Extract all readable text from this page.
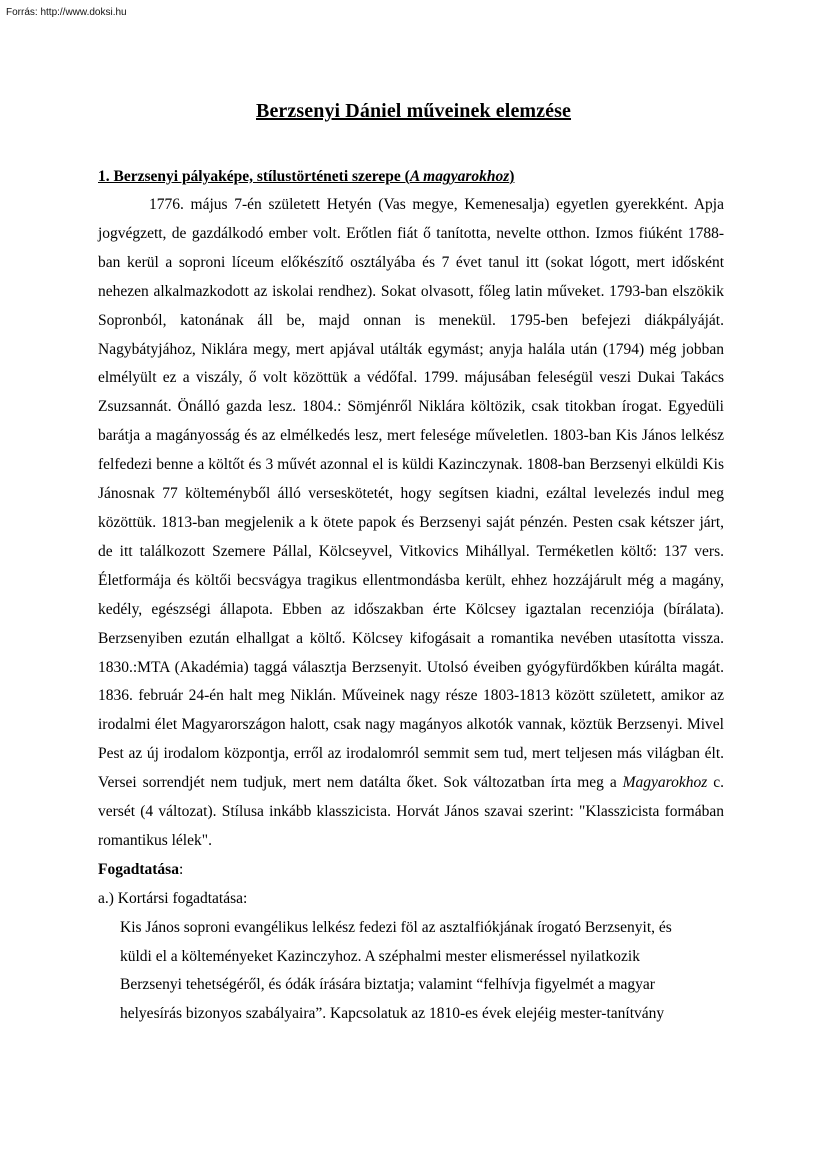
Forrás: http://www.doksi.hu
Berzsenyi Dániel műveinek elemzése

1. Berzsenyi pályaképe, stílustörténeti szerepe (A magyarokhoz)

1776. május 7-én született Hetyén (Vas megye, Kemenesalja) egyetlen gyerekként. Apja jogvégzett, de gazdálkodó ember volt. Erőtlen fiát ő tanította, nevelte otthon. Izmos fiúként 1788-ban kerül a soproni líceum előkészítő osztályába és 7 évet tanul itt (sokat lógott, mert idősként nehezen alkalmazkodott az iskolai rendhez). Sokat olvasott, főleg latin műveket. 1793-ban elszökik Sopronból, katonának áll be, majd onnan is menekül. 1795-ben befejezi diákpályáját. Nagybátyjához, Niklára megy, mert apjával utálták egymást; anyja halála után (1794) még jobban elmélyült ez a viszály, ő volt közöttük a védőfal. 1799. májusában feleségül veszi Dukai Takács Zsuzsannát. Önálló gazda lesz. 1804.: Sömjénről Niklára költözik, csak titokban írogat. Egyedüli barátja a magányosság és az elmélkedés lesz, mert felesége műveletlen. 1803-ban Kis János lelkész felfedezi benne a költőt és 3 művét azonnal el is küldi Kazinczynak. 1808-ban Berzsenyi elküldi Kis Jánosnak 77 költeményből álló verseskötetét, hogy segítsen kiadni, ezáltal levelezés indul meg közöttük. 1813-ban megjelenik a k ötete papok és Berzsenyi saját pénzén. Pesten csak kétszer járt, de itt találkozott Szemere Pállal, Kölcseyvel, Vitkovics Mihállyal. Terméketlen költő: 137 vers. Életformája és költői becsvágya tragikus ellentmondásba került, ehhez hozzájárult még a magány, kedély, egészségi állapota. Ebben az időszakban érte Kölcsey igaztalan recenziója (bírálata). Berzsenyiben ezután elhallgat a költő. Kölcsey kifogásait a romantika nevében utasította vissza. 1830.:MTA (Akadémia) taggá választja Berzsenyit. Utolsó éveiben gyógyfürdőkben kúrálta magát. 1836. február 24-én halt meg Niklán. Műveinek nagy része 1803-1813 között született, amikor az irodalmi élet Magyarországon halott, csak nagy magányos alkotók vannak, köztük Berzsenyi. Mivel Pest az új irodalom központja, erről az irodalomról semmit sem tud, mert teljesen más világban élt. Versei sorrendjét nem tudjuk, mert nem datálta őket. Sok változatban írta meg a Magyarokhoz c. versét (4 változat). Stílusa inkább klasszicista. Horvát János szavai szerint: "Klasszicista formában romantikus lélek".

Fogadtatása:

a.) Kortársi fogadtatása:

Kis János soproni evangélikus lelkész fedezi föl az asztalfiókjának írogató Berzsenyit, és

küldi el a költeményeket Kazinczyhoz. A széphalmi mester elismeréssel nyilatkozik

Berzsenyi tehetségéről, és ódák írására biztatja; valamint “felhívja figyelmét a magyar

helyesírás bizonyos szabályaira”. Kapcsolatuk az 1810-es évek elejéig mester-tanítvány
